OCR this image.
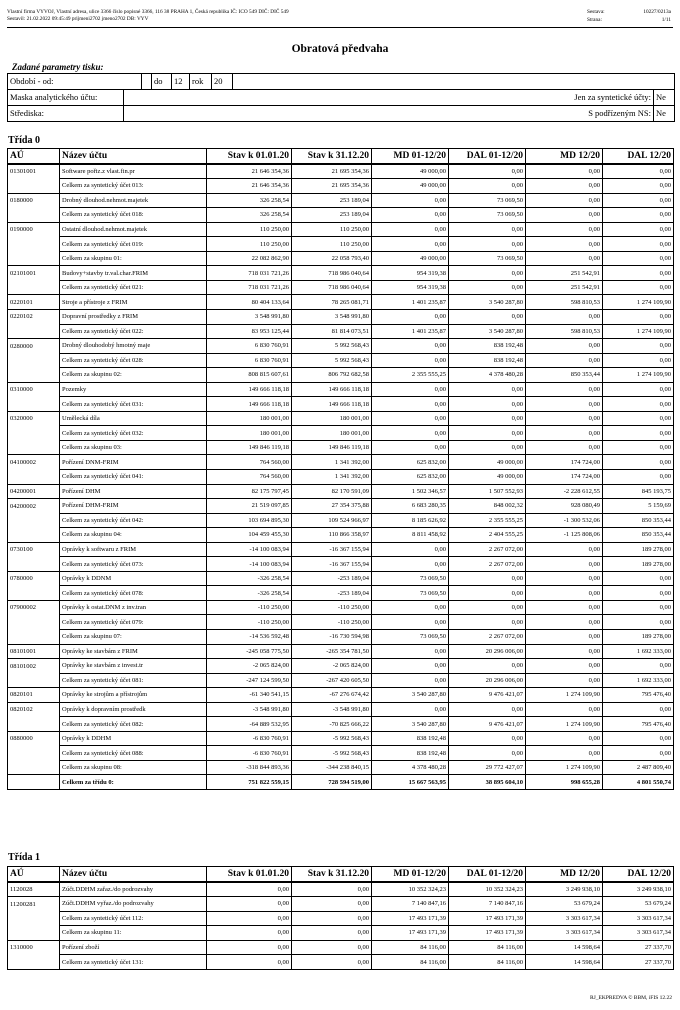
Vlastní firma VYVOJ, Vlastní adresa, ulice 3366 číslo popisné 3366, 116 38 PRAHA 1, Česká republika IČ: ICO 549 DIČ: DIČ 549
Sestavil: 21.02.2022 09:45:49 prijmeni2702 jmeno2702 DB: VYV
Sestava:	10227/0213a
Strana:	1/11
Obratová předvaha
Zadané parametry tisku:
Období - od:	do	12	rok	20
Maska analytického účtu:	Jen za syntetické účty: Ne
Střediska:	S podřízeným NS: Ne
Třída 0
AÚ	Název účtu	Stav k 01.01.20	Stav k 31.12.20	MD 01-12/20	DAL 01-12/20	MD 12/20	DAL 12/20
01301001	Software pořiz.z vlast.fin.pr	21 646 354,36	21 695 354,36	49 000,00	0,00	0,00	0,00
	Celkem za syntetický účet 013:	21 646 354,36	21 695 354,36	49 000,00	0,00	0,00	0,00
0180000	Drobný dlouhod.nehmot.majetek	326 258,54	253 189,04	0,00	73 069,50	0,00	0,00
	Celkem za syntetický účet 018:	326 258,54	253 189,04	0,00	73 069,50	0,00	0,00
0190000	Ostatní dlouhod.nehmot.majetek	110 250,00	110 250,00	0,00	0,00	0,00	0,00
	Celkem za syntetický účet 019:	110 250,00	110 250,00	0,00	0,00	0,00	0,00
	Celkem za skupinu 01:	22 082 862,90	22 058 793,40	49 000,00	73 069,50	0,00	0,00
02101001	Budovy+stavby tr.val.char.FRIM	718 031 721,26	718 986 040,64	954 319,38	0,00	251 542,91	0,00
	Celkem za syntetický účet 021:	718 031 721,26	718 986 040,64	954 319,38	0,00	251 542,91	0,00
0220101	Stroje a přístroje z FRIM	80 404 133,64	78 265 081,71	1 401 235,87	3 540 287,80	598 810,53	1 274 109,90
0220102	Dopravní prostředky z FRIM	3 548 991,80	3 548 991,80	0,00	0,00	0,00	0,00
	Celkem za syntetický účet 022:	83 953 125,44	81 814 073,51	1 401 235,87	3 540 287,80	598 810,53	1 274 109,90
0280000	Drobný dlouhodobý hmotný maje	6 830 760,91	5 992 568,43	0,00	838 192,48	0,00	0,00
	Celkem za syntetický účet 028:	6 830 760,91	5 992 568,43	0,00	838 192,48	0,00	0,00
	Celkem za skupinu 02:	808 815 607,61	806 792 682,58	2 355 555,25	4 378 480,28	850 353,44	1 274 109,90
0310000	Pozemky	149 666 118,18	149 666 118,18	0,00	0,00	0,00	0,00
	Celkem za syntetický účet 031:	149 666 118,18	149 666 118,18	0,00	0,00	0,00	0,00
0320000	Umělecká díla	180 001,00	180 001,00	0,00	0,00	0,00	0,00
	Celkem za syntetický účet 032:	180 001,00	180 001,00	0,00	0,00	0,00	0,00
	Celkem za skupinu 03:	149 846 119,18	149 846 119,18	0,00	0,00	0,00	0,00
04100002	Pořízení DNM-FRIM	764 560,00	1 341 392,00	625 832,00	49 000,00	174 724,00	0,00
	Celkem za syntetický účet 041:	764 560,00	1 341 392,00	625 832,00	49 000,00	174 724,00	0,00
04200001	Pořízení DHM	82 175 797,45	82 170 591,09	1 502 346,57	1 507 552,93	-2 228 612,55	845 193,75
04200002	Pořízení DHM-FRIM	21 519 097,85	27 354 375,88	6 683 280,35	848 002,32	928 080,49	5 159,69
	Celkem za syntetický účet 042:	103 694 895,30	109 524 966,97	8 185 626,92	2 355 555,25	-1 300 532,06	850 353,44
	Celkem za skupinu 04:	104 459 455,30	110 866 358,97	8 811 458,92	2 404 555,25	-1 125 808,06	850 353,44
0730100	Oprávky k softwaru z FRIM	-14 100 083,94	-16 367 155,94	0,00	2 267 072,00	0,00	189 278,00
	Celkem za syntetický účet 073:	-14 100 083,94	-16 367 155,94	0,00	2 267 072,00	0,00	189 278,00
0780000	Oprávky k DDNM	-326 258,54	-253 189,04	73 069,50	0,00	0,00	0,00
	Celkem za syntetický účet 078:	-326 258,54	-253 189,04	73 069,50	0,00	0,00	0,00
07900002	Oprávky k ostat.DNM z inv.tran	-110 250,00	-110 250,00	0,00	0,00	0,00	0,00
	Celkem za syntetický účet 079:	-110 250,00	-110 250,00	0,00	0,00	0,00	0,00
	Celkem za skupinu 07:	-14 536 592,48	-16 730 594,98	73 069,50	2 267 072,00	0,00	189 278,00
08101001	Oprávky ke stavbám z FRIM	-245 058 775,50	-265 354 781,50	0,00	20 296 006,00	0,00	1 692 333,00
08101002	Oprávky ke stavbám z invest.tr	-2 065 824,00	-2 065 824,00	0,00	0,00	0,00	0,00
	Celkem za syntetický účet 081:	-247 124 599,50	-267 420 605,50	0,00	20 296 006,00	0,00	1 692 333,00
0820101	Oprávky ke strojům a přístrojům	-61 340 541,15	-67 276 674,42	3 540 287,80	9 476 421,07	1 274 109,90	795 476,40
0820102	Oprávky k dopravním prostředk	-3 548 991,80	-3 548 991,80	0,00	0,00	0,00	0,00
	Celkem za syntetický účet 082:	-64 889 532,95	-70 825 666,22	3 540 287,80	9 476 421,07	1 274 109,90	795 476,40
0880000	Oprávky k DDHM	-6 830 760,91	-5 992 568,43	838 192,48	0,00	0,00	0,00
	Celkem za syntetický účet 088:	-6 830 760,91	-5 992 568,43	838 192,48	0,00	0,00	0,00
	Celkem za skupinu 08:	-318 844 893,36	-344 238 840,15	4 378 480,28	29 772 427,07	1 274 109,90	2 487 809,40
	Celkem za třídu 0:	751 822 559,15	728 594 519,00	15 667 563,95	38 895 604,10	998 655,28	4 801 550,74
Třída 1
AÚ	Název účtu	Stav k 01.01.20	Stav k 31.12.20	MD 01-12/20	DAL 01-12/20	MD 12/20	DAL 12/20
1120028	Zúčt.DDHM zařaz./do podrozvahy	0,00	0,00	10 352 324,23	10 352 324,23	3 249 938,10	3 249 938,10
11200281	Zúčt.DDHM vyřaz./do podrozvahy	0,00	0,00	7 140 847,16	7 140 847,16	53 679,24	53 679,24
	Celkem za syntetický účet 112:	0,00	0,00	17 493 171,39	17 493 171,39	3 303 617,34	3 303 617,34
	Celkem za skupinu 11:	0,00	0,00	17 493 171,39	17 493 171,39	3 303 617,34	3 303 617,34
1310000	Pořízení zboží	0,00	0,00	84 116,00	84 116,00	14 598,64	27 337,70
	Celkem za syntetický účet 131:	0,00	0,00	84 116,00	84 116,00	14 598,64	27 337,70
RJ_EKPREDVA © BBM, iFIS 12.22
